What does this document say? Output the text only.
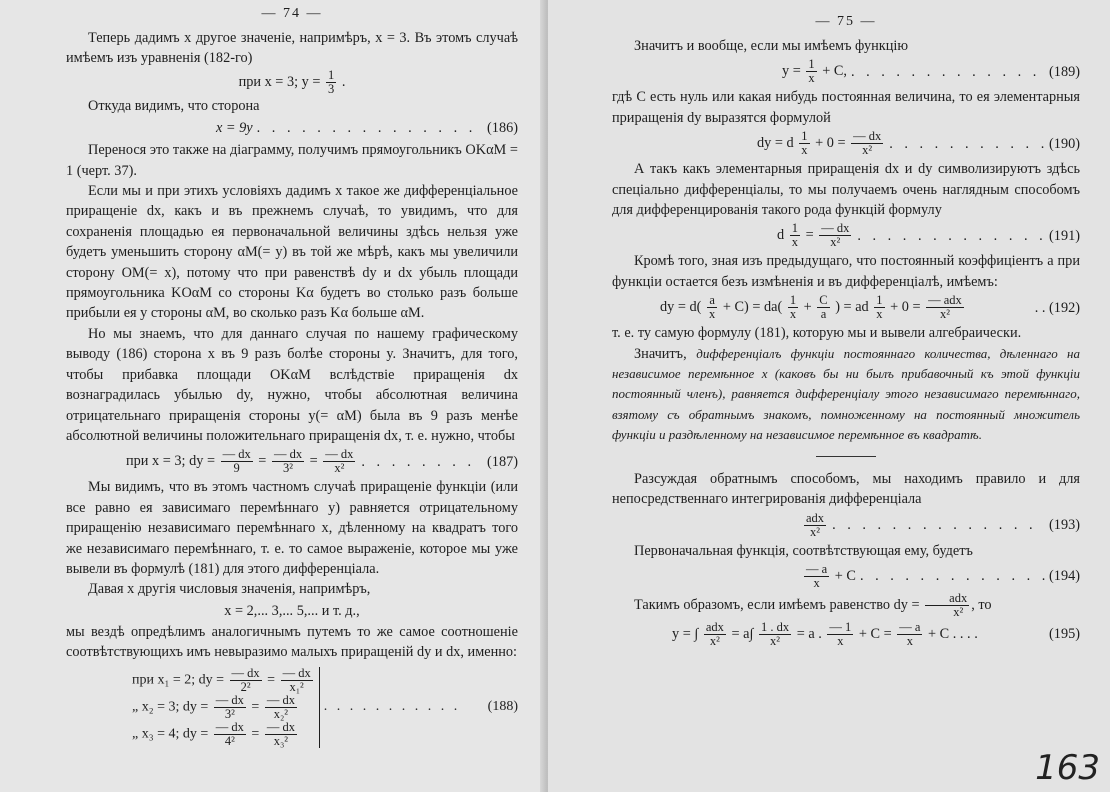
— 74 —

Теперь дадимъ x другое значеніе, напримѣръ, x = 3. Въ этомъ случаѣ имѣемъ изъ уравненія (182-го)

при x = 3; $y = \frac{1}{3}$ .

Откуда видимъ, что сторона

x = 9y . . .	(186)

Перенося это также на діаграмму, получимъ прямоугольникъ OKαM = 1 (черт. 37).

Если мы и при этихъ условіяхъ дадимъ x такое же дифференціальное приращеніе dx, какъ и въ прежнемъ случаѣ, то увидимъ, что для сохраненія площадью ея первоначальной величины здѣсь нельзя уже будетъ уменьшить сторону αM(= y) въ той же мѣрѣ, какъ мы увеличили сторону OM(= x), потому что при равенствѣ dy и dx убыль площади прямоугольника KOαM со стороны Kα будетъ во столько разъ больше прибыли ея у стороны αM, во сколько разъ Kα больше αM.

Но мы знаемъ, что для даннаго случая по нашему графическому выводу (186) сторона x въ 9 разъ болѣе стороны y. Значитъ, для того, чтобы прибавка площади OKαM вслѣдствіе приращенія dx вознаградилась убылью dy, нужно, чтобы абсолютная величина отрицательнаго приращенія стороны y(= αM) была въ 9 разъ менѣе абсолютной величины положительнаго приращенія dx, т. е. нужно, чтобы

при x = 3; dy = $\frac{— dx}{9} = \frac{— dx}{\text{3²}} = \frac{— dx}{\text{x²}}$ . . .	(187)

Мы видимъ, что въ этомъ частномъ случаѣ приращеніе функціи (или все равно ея зависимаго перемѣннаго y) равняется отрицательному приращенію независимаго перемѣннаго x, дѣленному на квадратъ того же независимаго перемѣннаго, т. е. то самое выраженіе, которое мы уже вывели въ формулѣ (181) для этого дифференціала.

Давая x другія числовыя значенія, напримѣръ,

x = 2,... 3,... 5,... и т. д.,

мы вездѣ опредѣлимъ аналогичнымъ путемъ то же самое соотношеніе соотвѣтствующихъ имъ невыразимо малыхъ приращеній dy и dx, именно:

при x₁ = 2; dy = $\frac{— dx}{\text{2²}} = \frac{— dx}{\text{x₁²}}$
„ x₂ = 3; dy = $\frac{— dx}{\text{3²}} = \frac{— dx}{\text{x₂²}}$
„ x₃ = 4; dy = $\frac{— dx}{\text{4²}} = \frac{— dx}{\text{x₃²}}$
. . . . . . . . . . .	(188)
— 75 —

Значитъ и вообще, если мы имѣемъ функцію

$y = \frac{1}{x} + C$, . . .	(189)

гдѣ C есть нуль или какая нибудь постоянная величина, то ея элементарныя приращенія dy выразятся формулой

dy = d $\frac{1}{x} + 0 = \frac{— dx}{\text{x²}}$ . . .	(190)

А такъ какъ элементарныя приращенія dx и dy символизируютъ здѣсь спеціально дифференціалы, то мы получаемъ очень наглядным способомъ для дифференцированія такого рода функцій формулу

d $\frac{1}{x} = \frac{— dx}{\text{x²}}$ . . .	(191)

Кромѣ того, зная изъ предыдущаго, что постоянный коэффиціентъ a при функціи остается безъ измѣненія и въ дифференціалѣ, имѣемъ:

dy = $d( \frac{a}{x} + C) = da( \frac{1}{x} + \frac{C}{a}$ ) = ad $\frac{1}{x} + 0 = \frac{\text{— adx}}{\text{x²}}$	. . (192)

т. е. ту самую формулу (181), которую мы и вывели алгебраически.

Значитъ, дифференціалъ функціи постояннаго количества, дѣленнаго на независимое перемѣнное x (каковъ бы ни былъ прибавочный къ этой функціи постоянный членъ), равняется дифференціалу этого независимаго перемѣннаго, взятому съ обратнымъ знакомъ, помноженному на постоянный множитель функціи и раздѣленному на независимое перемѣнное въ квадратѣ.

Разсуждая обратнымъ способомъ, мы находимъ правило и для непосредственнаго интегрированія дифференціала

$\frac{\text{adx}}{\text{x²}}$ . . .	(193)

Первоначальная функція, соотвѣтствующая ему, будетъ

$\frac{— a}{x} + C$ . . .	(194)

Такимъ образомъ, если имѣемъ равенство dy = $\frac{\text{adx}}{\text{x²}}$ , то

y = ∫ $\frac{\text{adx}}{\text{x²}} = a\int \frac{1 . dx}{\text{x²}} = a$ . $\frac{— 1}{x} + C = \frac{— a}{x} + C$ . . . .	(195)
163
